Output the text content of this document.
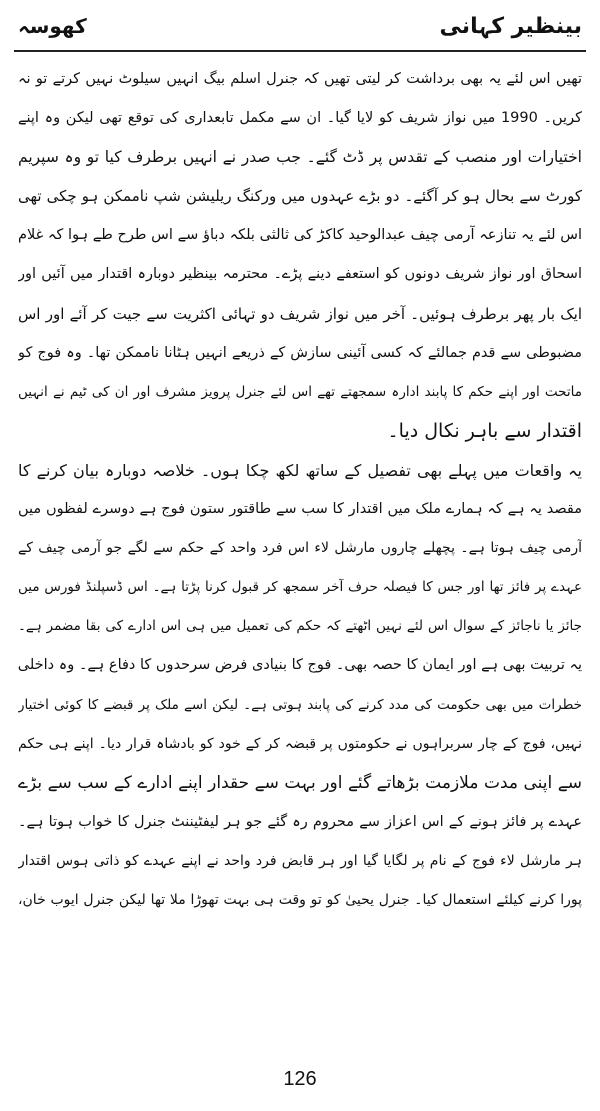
بینظیر کہانی
کھوسہ
تھیں اس لئے یہ بھی برداشت کر لیتی تھیں کہ جنرل اسلم بیگ انہیں سیلوٹ نہیں کرتے تو نہ
کریں۔ 1990 میں نواز شریف کو لایا گیا۔ ان سے مکمل تابعداری کی توقع تھی لیکن وہ اپنے
اختیارات اور منصب کے تقدس پر ڈٹ گئے۔ جب صدر نے انہیں برطرف کیا تو وہ سپریم
کورٹ سے بحال ہو کر آگئے۔ دو بڑے عہدوں میں ورکنگ ریلیشن شپ ناممکن ہو چکی تھی
اس لئے یہ تنازعہ آرمی چیف عبدالوحید کاکڑ کی ثالثی بلکہ دباؤ سے اس طرح طے ہوا کہ غلام
اسحاق اور نواز شریف دونوں کو استعفے دینے پڑے۔ محترمہ بینظیر دوبارہ اقتدار میں آئیں اور
ایک بار پھر برطرف ہوئیں۔ آخر میں نواز شریف دو تہائی اکثریت سے جیت کر آئے اور اس
مضبوطی سے قدم جمالئے کہ کسی آئینی سازش کے ذریعے انہیں ہٹانا ناممکن تھا۔ وہ فوج کو
ماتحت اور اپنے حکم کا پابند ادارہ سمجھتے تھے اس لئے جنرل پرویز مشرف اور ان کی ٹیم نے انہیں
اقتدار سے باہر نکال دیا۔
یہ واقعات میں پہلے بھی تفصیل کے ساتھ لکھ چکا ہوں۔ خلاصہ دوبارہ بیان کرنے کا
مقصد یہ ہے کہ ہمارے ملک میں اقتدار کا سب سے طاقتور ستون فوج ہے دوسرے لفظوں میں
آرمی چیف ہوتا ہے۔ پچھلے چاروں مارشل لاء اس فرد واحد کے حکم سے لگے جو آرمی چیف کے
عہدے پر فائز تھا اور جس کا فیصلہ حرف آخر سمجھ کر قبول کرنا پڑتا ہے۔ اس ڈسپلنڈ فورس میں
جائز یا ناجائز کے سوال اس لئے نہیں اٹھتے کہ حکم کی تعمیل میں ہی اس ادارے کی بقا مضمر ہے۔
یہ تربیت بھی ہے اور ایمان کا حصہ بھی۔ فوج کا بنیادی فرض سرحدوں کا دفاع ہے۔ وہ داخلی
خطرات میں بھی حکومت کی مدد کرنے کی پابند ہوتی ہے۔ لیکن اسے ملک پر قبضے کا کوئی اختیار
نہیں، فوج کے چار سربراہوں نے حکومتوں پر قبضہ کر کے خود کو بادشاہ قرار دیا۔ اپنے ہی حکم
سے اپنی مدت ملازمت بڑھاتے گئے اور بہت سے حقدار اپنے ادارے کے سب سے بڑے
عہدے پر فائز ہونے کے اس اعزاز سے محروم رہ گئے جو ہر لیفٹیننٹ جنرل کا خواب ہوتا ہے۔
ہر مارشل لاء فوج کے نام پر لگایا گیا اور ہر قابض فرد واحد نے اپنے عہدے کو ذاتی ہوس اقتدار
پورا کرنے کیلئے استعمال کیا۔ جنرل یحییٰ کو تو وقت ہی بہت تھوڑا ملا تھا لیکن جنرل ایوب خان،
126
